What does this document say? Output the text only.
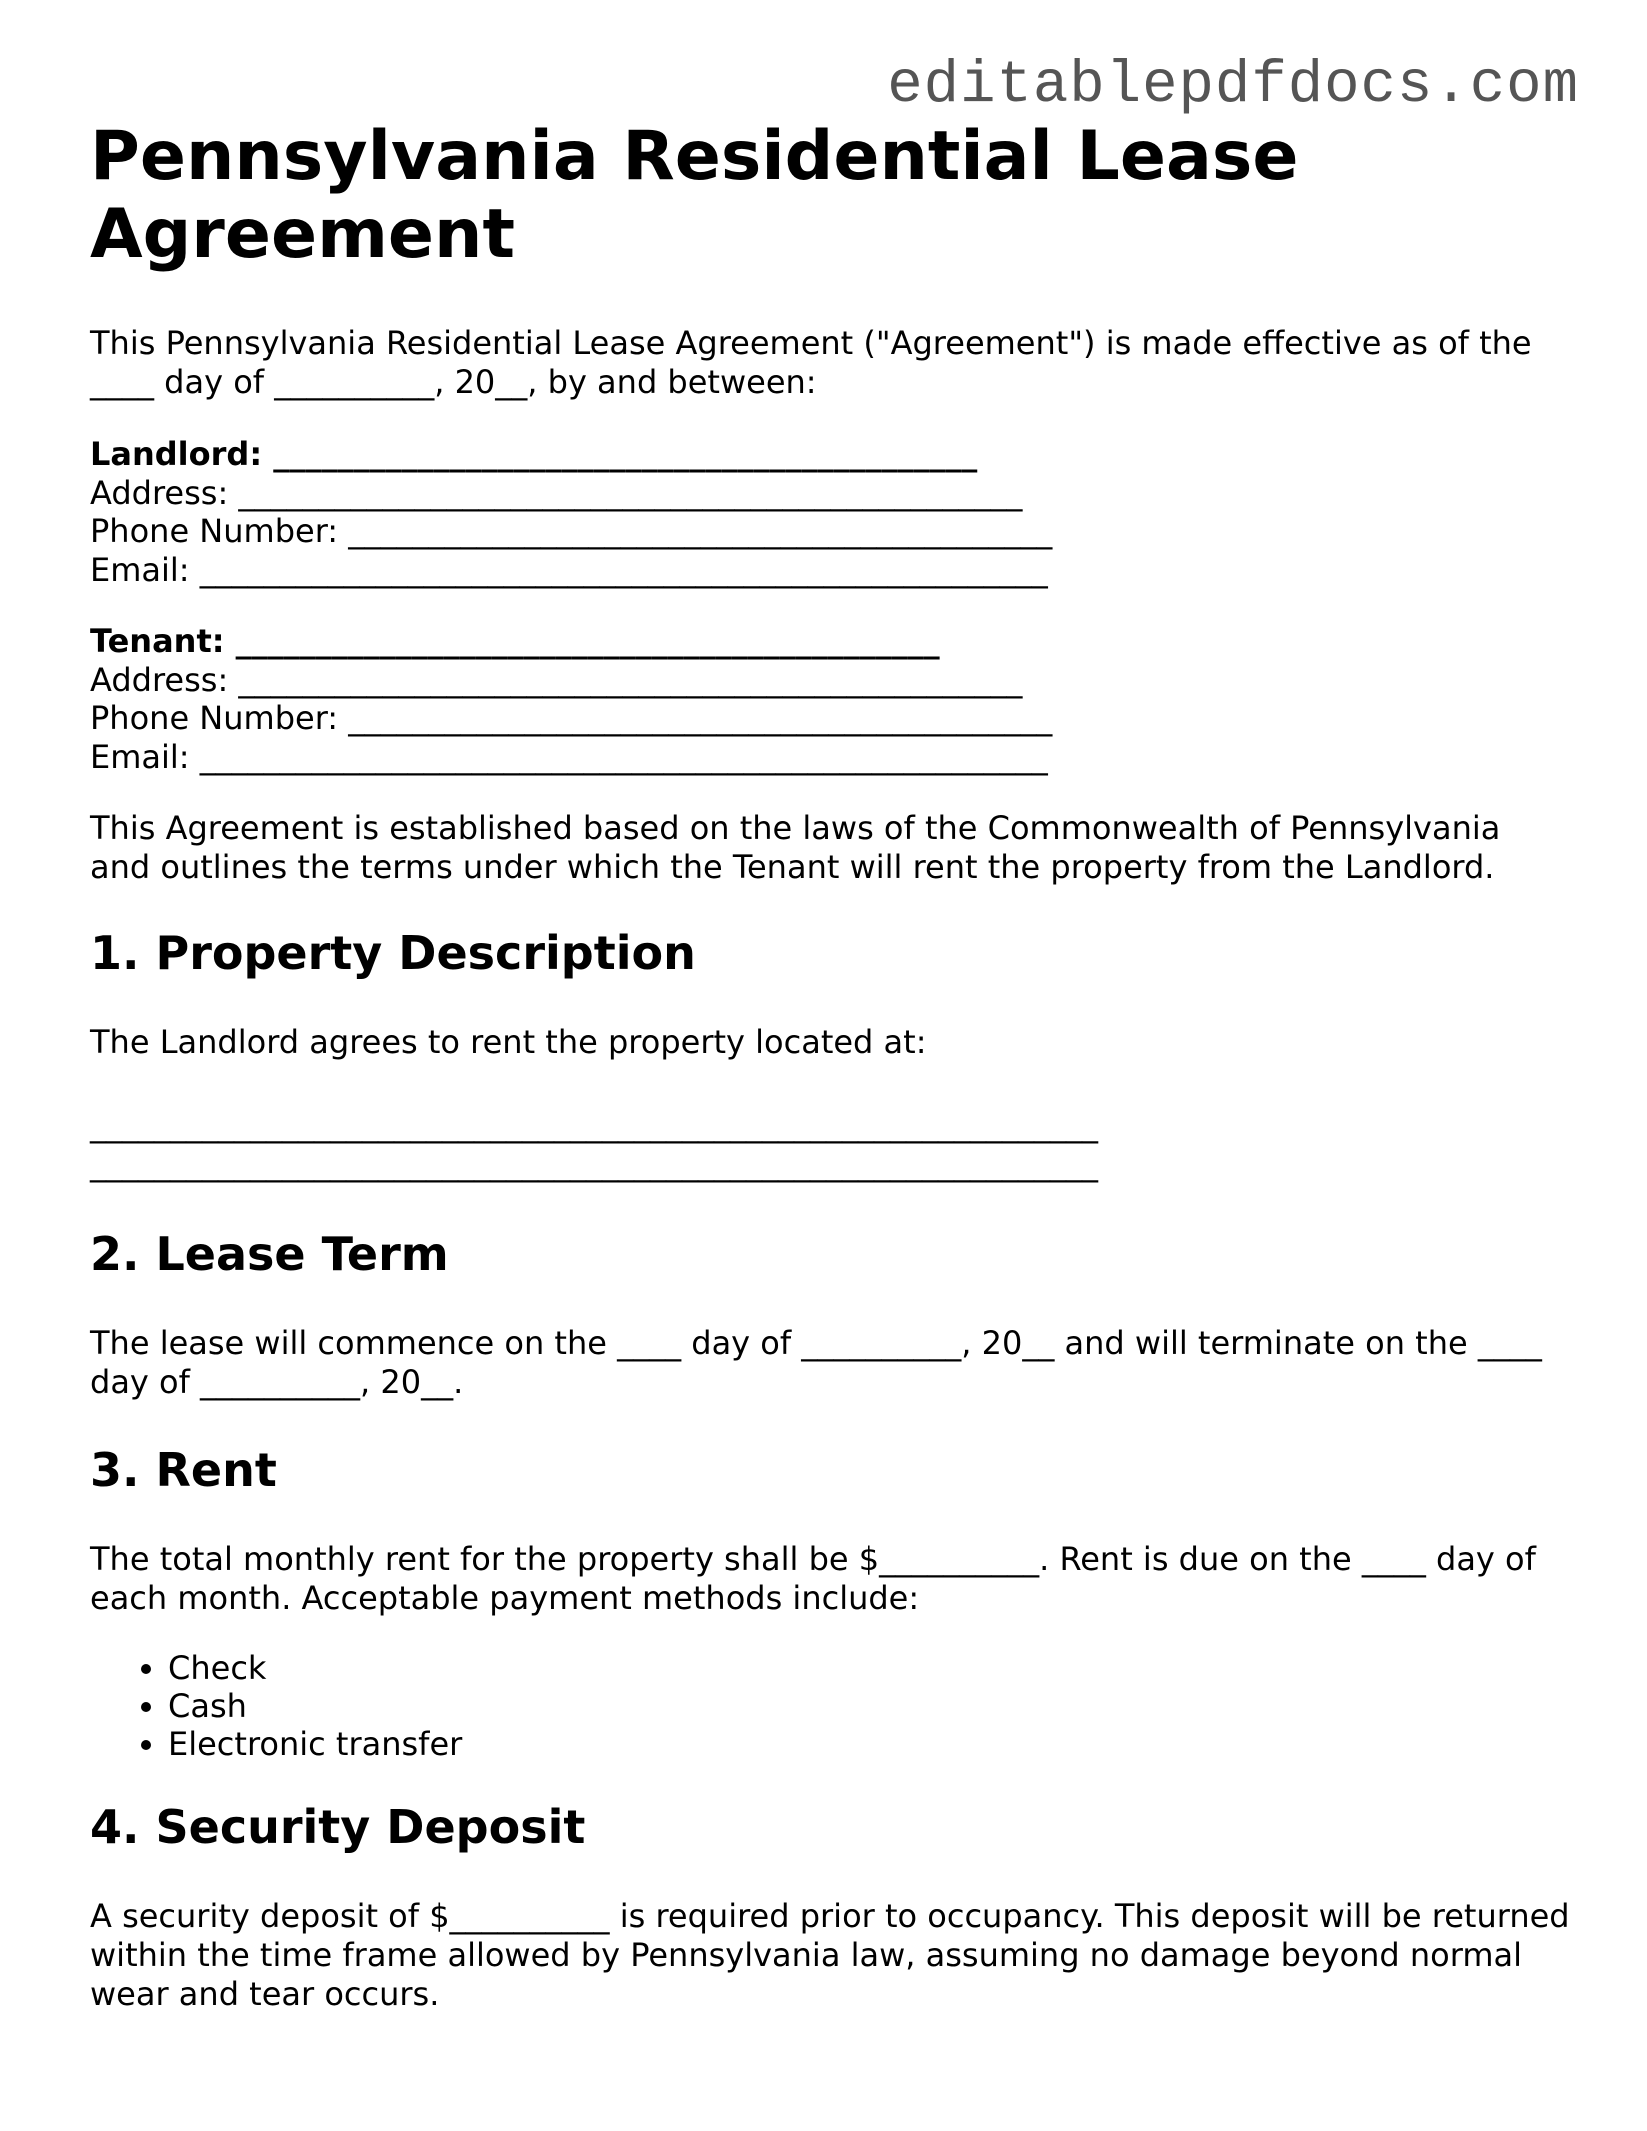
editablepdfdocs.com
Pennsylvania Residential Lease Agreement

This Pennsylvania Residential Lease Agreement ("Agreement") is made effective as of the ____ day of __________, 20__, by and between:

Landlord: ____________________________________________
Address: _________________________________________________
Phone Number: ____________________________________________
Email: _____________________________________________________
Tenant: ____________________________________________
Address: _________________________________________________
Phone Number: ____________________________________________
Email: _____________________________________________________

This Agreement is established based on the laws of the Commonwealth of Pennsylvania and outlines the terms under which the Tenant will rent the property from the Landlord.

1. Property Description

The Landlord agrees to rent the property located at:

_______________________________________________________________
_______________________________________________________________
2. Lease Term

The lease will commence on the ____ day of __________, 20__ and will terminate on the ____ day of __________, 20__.

3. Rent

The total monthly rent for the property shall be $__________. Rent is due on the ____ day of each month. Acceptable payment methods include:

• Check
• Cash
• Electronic transfer
4. Security Deposit

A security deposit of $__________ is required prior to occupancy. This deposit will be returned within the time frame allowed by Pennsylvania law, assuming no damage beyond normal wear and tear occurs.
